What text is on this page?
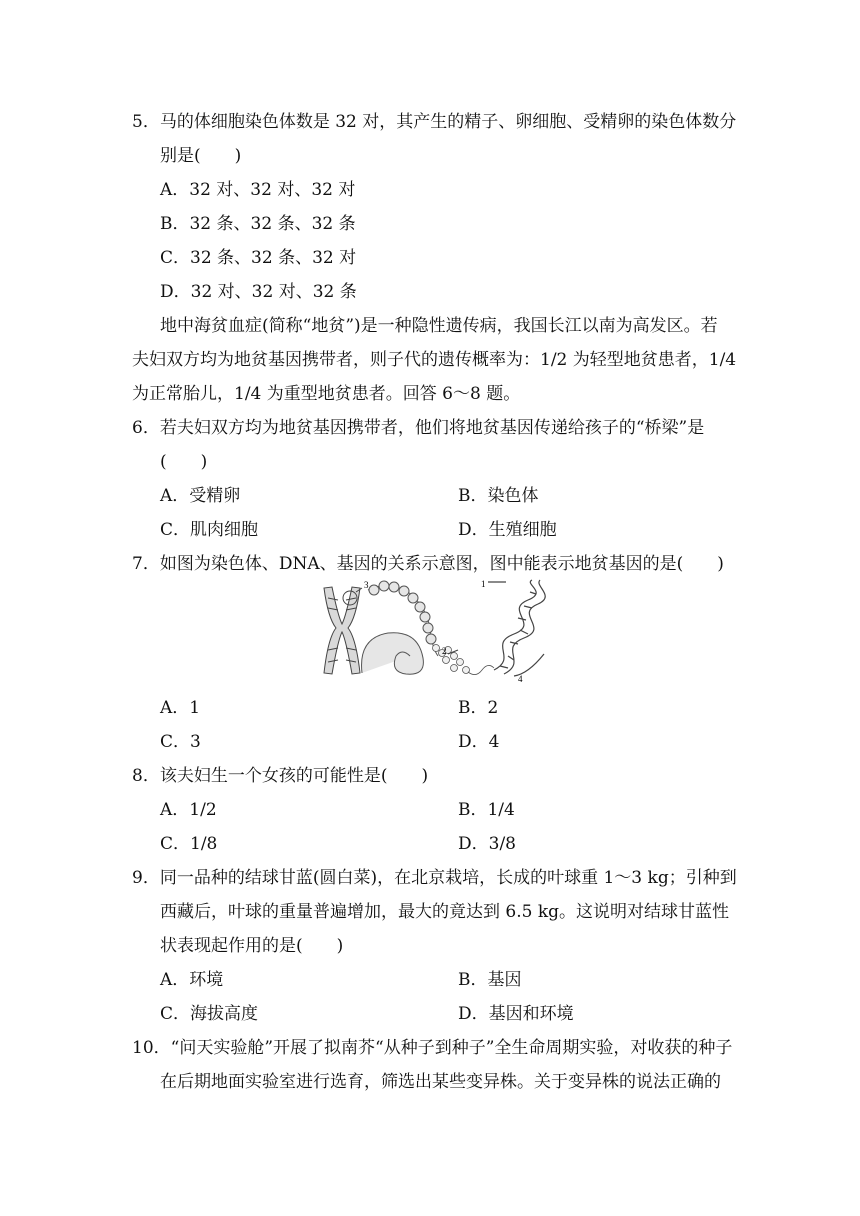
5．马的体细胞染色体数是 32 对，其产生的精子、卵细胞、受精卵的染色体数分
别是(　　)
A．32 对、32 对、32 对
B．32 条、32 条、32 条
C．32 条、32 条、32 对
D．32 对、32 对、32 条
地中海贫血症(简称“地贫”)是一种隐性遗传病，我国长江以南为高发区。若
夫妇双方均为地贫基因携带者，则子代的遗传概率为：1/2 为轻型地贫患者，1/4
为正常胎儿，1/4 为重型地贫患者。回答 6～8 题。
6．若夫妇双方均为地贫基因携带者，他们将地贫基因传递给孩子的“桥梁”是
(　　)
A．受精卵	B．染色体
C．肌肉细胞	D．生殖细胞
7．如图为染色体、DNA、基因的关系示意图，图中能表示地贫基因的是(　　)
1
2
3
4
A．1	B．2
C．3	D．4
8．该夫妇生一个女孩的可能性是(　　)
A．1/2	B．1/4
C．1/8	D．3/8
9．同一品种的结球甘蓝(圆白菜)，在北京栽培，长成的叶球重 1～3 kg；引种到
西藏后，叶球的重量普遍增加，最大的竟达到 6.5 kg。这说明对结球甘蓝性
状表现起作用的是(　　)
A．环境	B．基因
C．海拔高度	D．基因和环境
10．“问天实验舱”开展了拟南芥“从种子到种子”全生命周期实验，对收获的种子
在后期地面实验室进行选育，筛选出某些变异株。关于变异株的说法正确的
